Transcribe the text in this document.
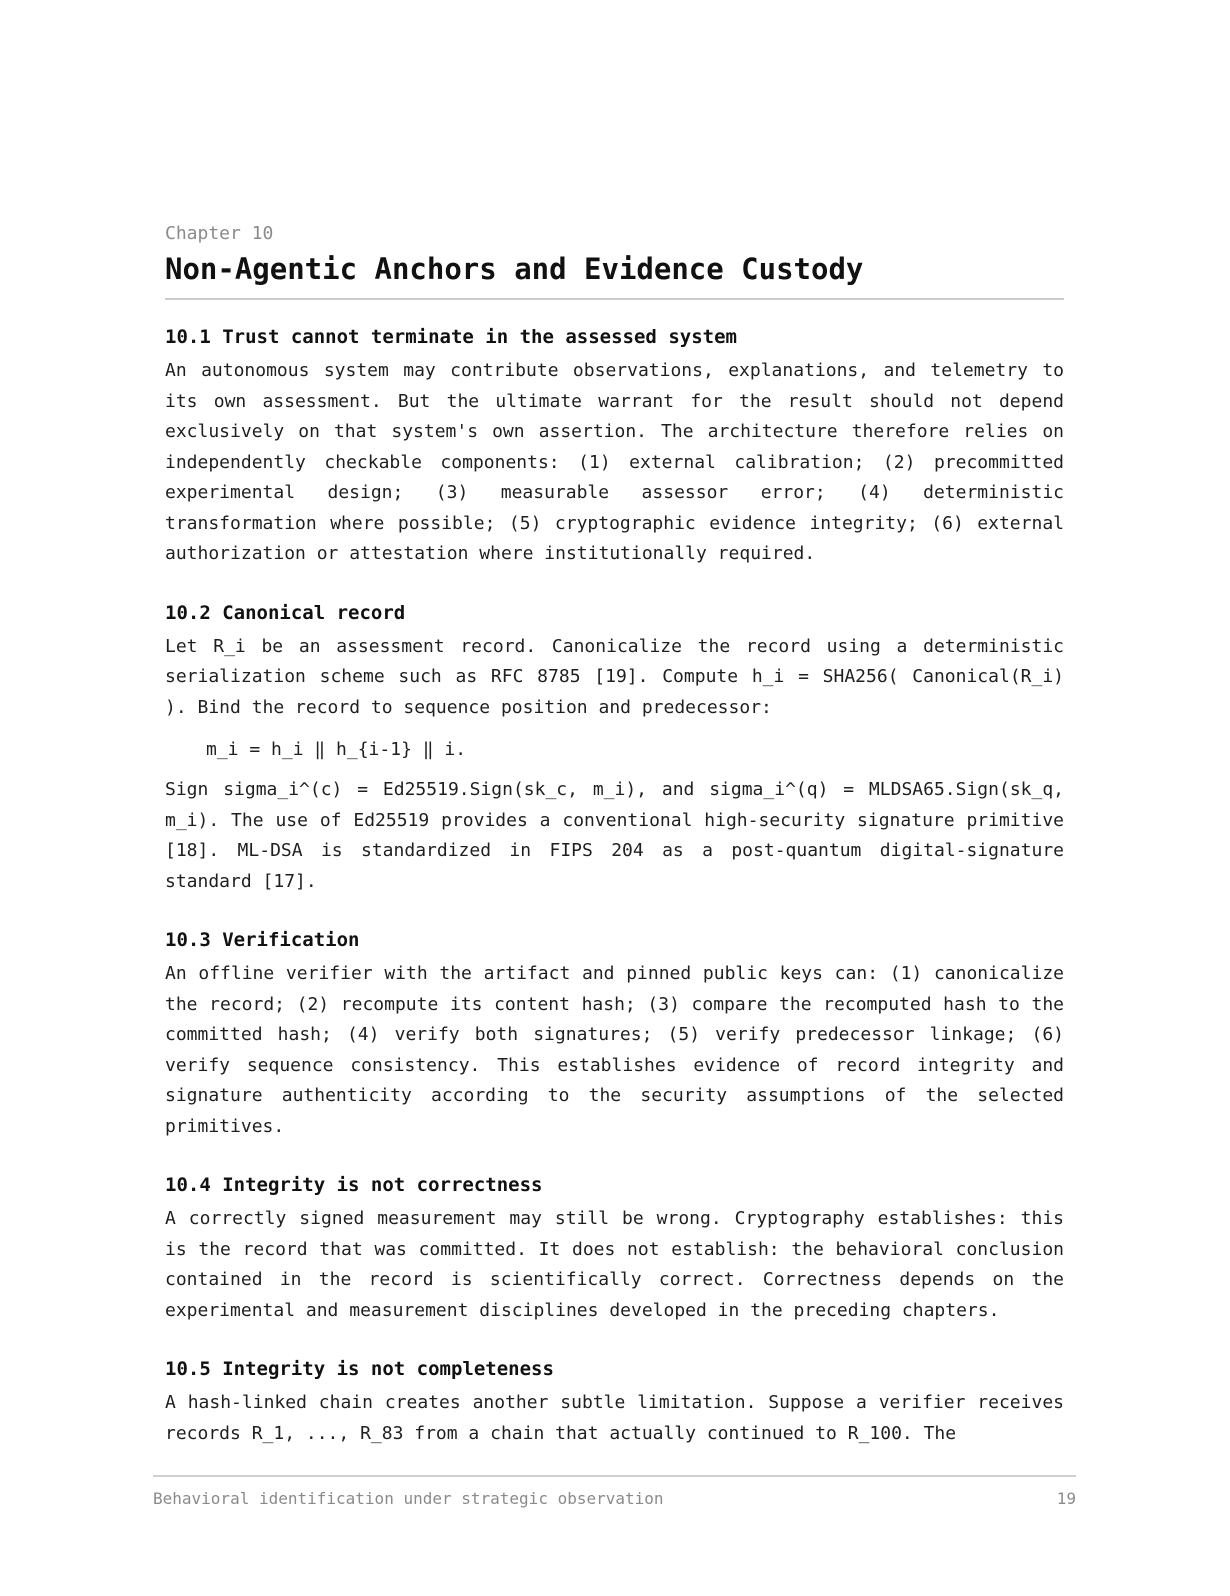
Chapter 10

Non-Agentic Anchors and Evidence Custody
10.1 Trust cannot terminate in the assessed system

An autonomous system may contribute observations, explanations, and telemetry to its own assessment. But the ultimate warrant for the result should not depend exclusively on that system's own assertion. The architecture therefore relies on independently checkable components: (1) external calibration; (2) precommitted experimental design; (3) measurable assessor error; (4) deterministic transformation where possible; (5) cryptographic evidence integrity; (6) external authorization or attestation where institutionally required.

10.2 Canonical record

Let R_i be an assessment record. Canonicalize the record using a deterministic serialization scheme such as RFC 8785 [19]. Compute h_i = SHA256( Canonical(R_i) ). Bind the record to sequence position and predecessor:

m_i = h_i ‖ h_{i-1} ‖ i.

Sign sigma_i^(c) = Ed25519.Sign(sk_c, m_i), and sigma_i^(q) = MLDSA65.Sign(sk_q, m_i). The use of Ed25519 provides a conventional high-security signature primitive [18]. ML-DSA is standardized in FIPS 204 as a post-quantum digital-signature standard [17].

10.3 Verification

An offline verifier with the artifact and pinned public keys can: (1) canonicalize the record; (2) recompute its content hash; (3) compare the recomputed hash to the committed hash; (4) verify both signatures; (5) verify predecessor linkage; (6) verify sequence consistency. This establishes evidence of record integrity and signature authenticity according to the security assumptions of the selected primitives.

10.4 Integrity is not correctness

A correctly signed measurement may still be wrong. Cryptography establishes: this is the record that was committed. It does not establish: the behavioral conclusion contained in the record is scientifically correct. Correctness depends on the experimental and measurement disciplines developed in the preceding chapters.

10.5 Integrity is not completeness

A hash-linked chain creates another subtle limitation. Suppose a verifier receives records R_1, ..., R_83 from a chain that actually continued to R_100. The

Behavioral identification under strategic observation	19
